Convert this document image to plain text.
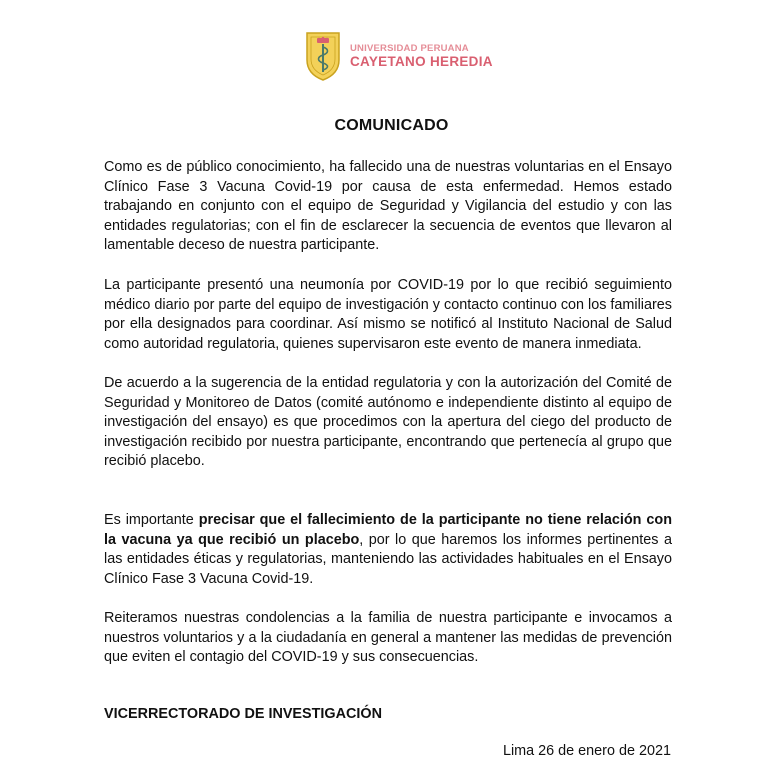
UNIVERSIDAD PERUANA
CAYETANO HEREDIA
COMUNICADO

Como es de público conocimiento, ha fallecido una de nuestras voluntarias en el Ensayo Clínico Fase 3 Vacuna Covid-19 por causa de esta enfermedad. Hemos estado trabajando en conjunto con el equipo de Seguridad y Vigilancia del estudio y con las entidades regulatorias; con el fin de esclarecer la secuencia de eventos que llevaron al lamentable deceso de nuestra participante.

La participante presentó una neumonía por COVID-19 por lo que recibió seguimiento médico diario por parte del equipo de investigación y contacto continuo con los familiares por ella designados para coordinar. Así mismo se notificó al Instituto Nacional de Salud como autoridad regulatoria, quienes supervisaron este evento de manera inmediata.

De acuerdo a la sugerencia de la entidad regulatoria y con la autorización del Comité de Seguridad y Monitoreo de Datos (comité autónomo e independiente distinto al equipo de investigación del ensayo) es que procedimos con la apertura del ciego del producto de investigación recibido por nuestra participante, encontrando que pertenecía al grupo que recibió placebo.

Es importante precisar que el fallecimiento de la participante no tiene relación con la vacuna ya que recibió un placebo, por lo que haremos los informes pertinentes a las entidades éticas y regulatorias, manteniendo las actividades habituales en el Ensayo Clínico Fase 3 Vacuna Covid-19.

Reiteramos nuestras condolencias a la familia de nuestra participante e invocamos a nuestros voluntarios y a la ciudadanía en general a mantener las medidas de prevención que eviten el contagio del COVID-19 y sus consecuencias.

VICERRECTORADO DE INVESTIGACIÓN
Lima 26 de enero de 2021
